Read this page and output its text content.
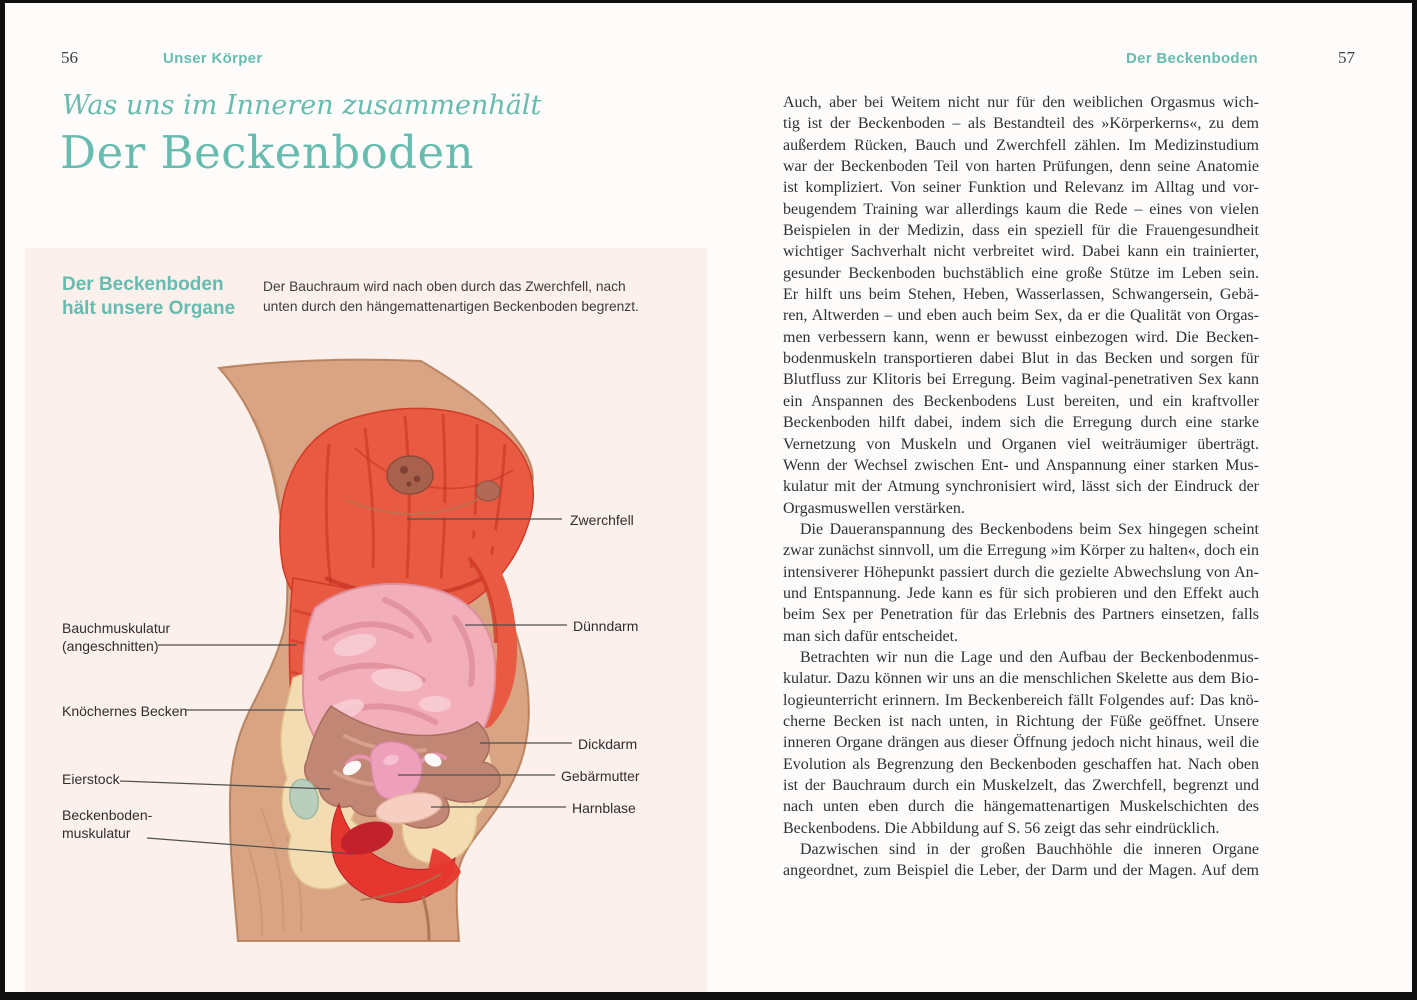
56	Unser Körper
Was uns im Inneren zusammenhält
Der Beckenboden
Der Beckenboden
hält unsere Organe
Der Bauchraum wird nach oben durch das Zwerchfell, nach
unten durch den hängemattenartigen Beckenboden begrenzt.
Zwerchfell
Dünndarm
Dickdarm
Gebärmutter
Harnblase
Bauchmuskulatur
(angeschnitten)
Knöchernes Becken
Eierstock
Beckenboden-
muskulatur
Der Beckenboden	57
Auch, aber bei Weitem nicht nur für den weiblichen Orgasmus wich-
tig ist der Beckenboden – als Bestandteil des »Körperkerns«, zu dem
außerdem Rücken, Bauch und Zwerchfell zählen. Im Medizinstudium
war der Beckenboden Teil von harten Prüfungen, denn seine Anatomie
ist kompliziert. Von seiner Funktion und Relevanz im Alltag und vor-
beugendem Training war allerdings kaum die Rede – eines von vielen
Beispielen in der Medizin, dass ein speziell für die Frauengesundheit
wichtiger Sachverhalt nicht verbreitet wird. Dabei kann ein trainierter,
gesunder Beckenboden buchstäblich eine große Stütze im Leben sein.
Er hilft uns beim Stehen, Heben, Wasserlassen, Schwangersein, Gebä-
ren, Altwerden – und eben auch beim Sex, da er die Qualität von Orgas-
men verbessern kann, wenn er bewusst einbezogen wird. Die Becken-
bodenmuskeln transportieren dabei Blut in das Becken und sorgen für
Blutfluss zur Klitoris bei Erregung. Beim vaginal-penetrativen Sex kann
ein Anspannen des Beckenbodens Lust bereiten, und ein kraftvoller
Beckenboden hilft dabei, indem sich die Erregung durch eine starke
Vernetzung von Muskeln und Organen viel weiträumiger überträgt.
Wenn der Wechsel zwischen Ent- und Anspannung einer starken Mus-
kulatur mit der Atmung synchronisiert wird, lässt sich der Eindruck der
Orgasmuswellen verstärken.
Die Daueranspannung des Beckenbodens beim Sex hingegen scheint
zwar zunächst sinnvoll, um die Erregung »im Körper zu halten«, doch ein
intensiverer Höhepunkt passiert durch die gezielte Abwechslung von An-
und Entspannung. Jede kann es für sich probieren und den Effekt auch
beim Sex per Penetration für das Erlebnis des Partners einsetzen, falls
man sich dafür entscheidet.
Betrachten wir nun die Lage und den Aufbau der Beckenbodenmus-
kulatur. Dazu können wir uns an die menschlichen Skelette aus dem Bio-
logieunterricht erinnern. Im Beckenbereich fällt Folgendes auf: Das knö-
cherne Becken ist nach unten, in Richtung der Füße geöffnet. Unsere
inneren Organe drängen aus dieser Öffnung jedoch nicht hinaus, weil die
Evolution als Begrenzung den Beckenboden geschaffen hat. Nach oben
ist der Bauchraum durch ein Muskelzelt, das Zwerchfell, begrenzt und
nach unten eben durch die hängemattenartigen Muskelschichten des
Beckenbodens. Die Abbildung auf S. 56 zeigt das sehr eindrücklich.
Dazwischen sind in der großen Bauchhöhle die inneren Organe
angeordnet, zum Beispiel die Leber, der Darm und der Magen. Auf dem
